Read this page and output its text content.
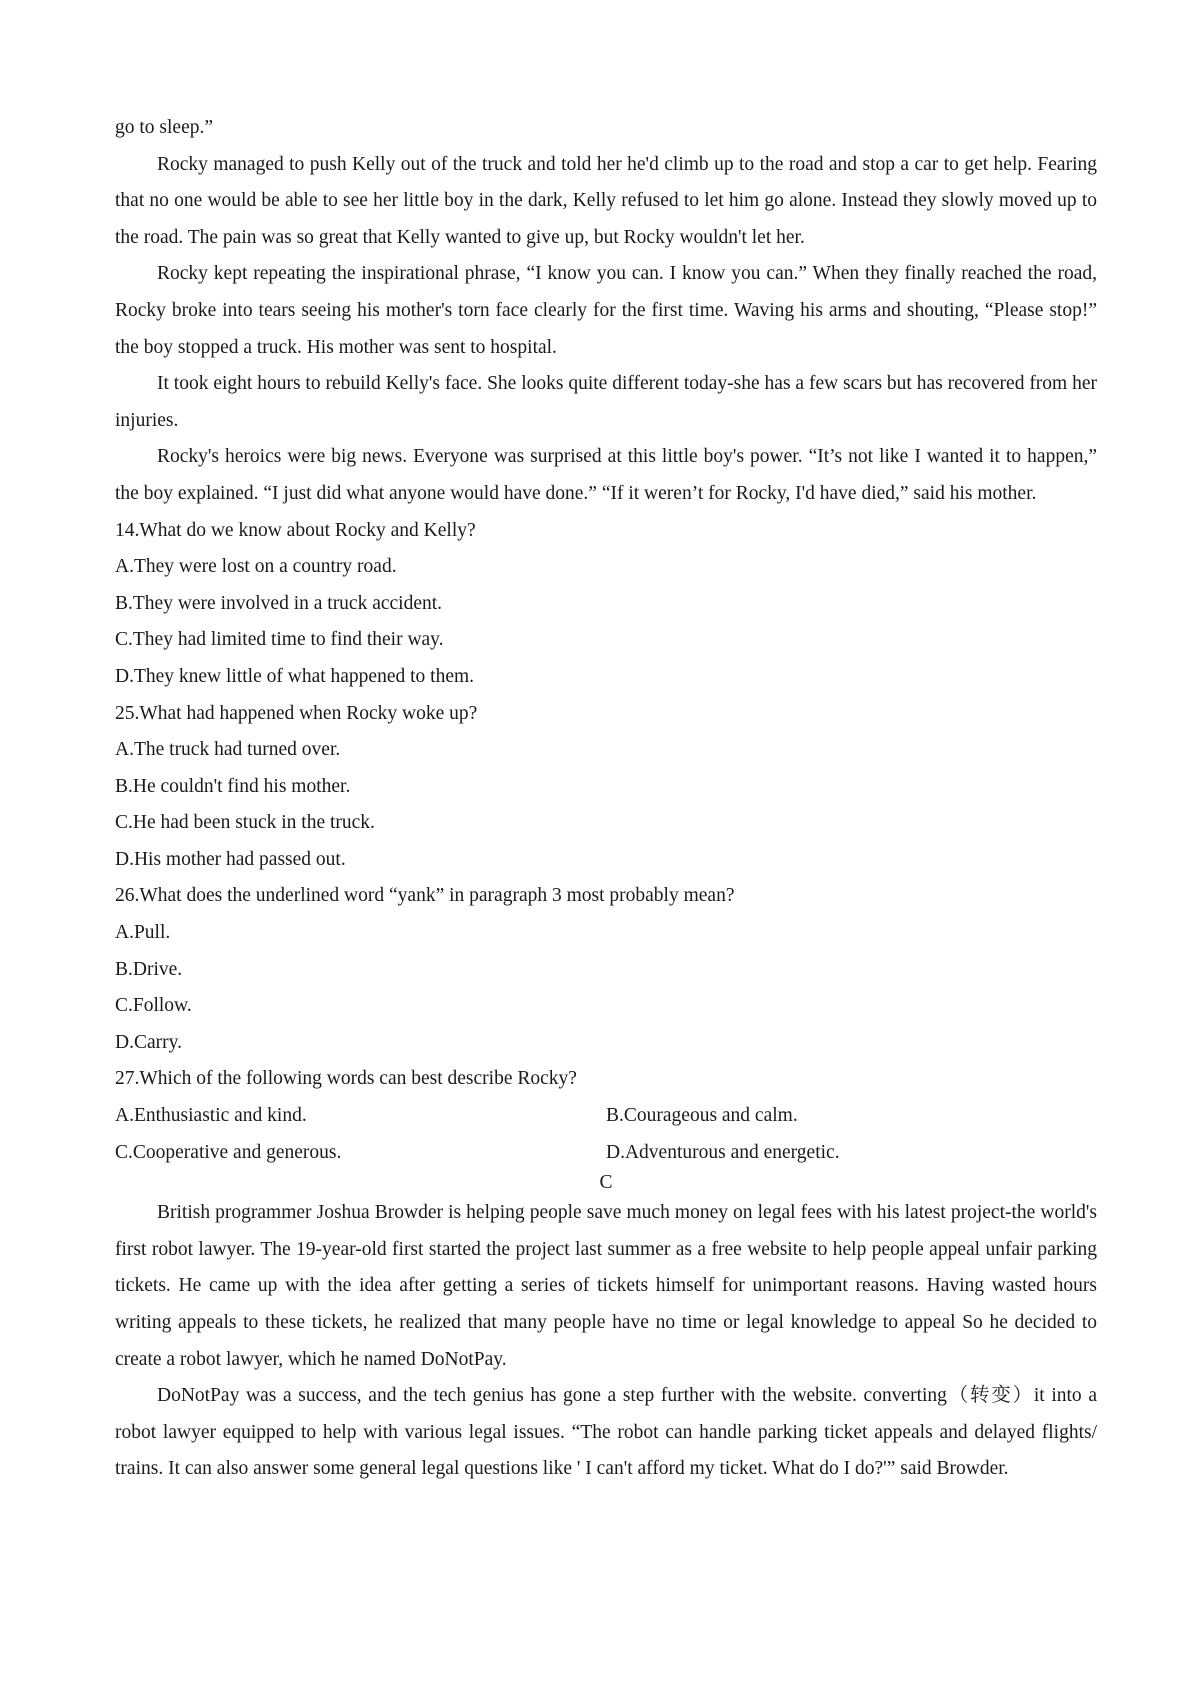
go to sleep.”

Rocky managed to push Kelly out of the truck and told her he'd climb up to the road and stop a car to get help. Fearing that no one would be able to see her little boy in the dark, Kelly refused to let him go alone. Instead they slowly moved up to the road. The pain was so great that Kelly wanted to give up, but Rocky wouldn't let her.

Rocky kept repeating the inspirational phrase, “I know you can. I know you can.” When they finally reached the road, Rocky broke into tears seeing his mother's torn face clearly for the first time. Waving his arms and shouting, “Please stop!” the boy stopped a truck. His mother was sent to hospital.

It took eight hours to rebuild Kelly's face. She looks quite different today-she has a few scars but has recovered from her injuries.

Rocky's heroics were big news. Everyone was surprised at this little boy's power. “It’s not like I wanted it to happen,” the boy explained. “I just did what anyone would have done.” “If it weren’t for Rocky, I'd have died,” said his mother.

14.What do we know about Rocky and Kelly?

A.They were lost on a country road.

B.They were involved in a truck accident.

C.They had limited time to find their way.

D.They knew little of what happened to them.

25.What had happened when Rocky woke up?

A.The truck had turned over.

B.He couldn't find his mother.

C.He had been stuck in the truck.

D.His mother had passed out.

26.What does the underlined word “yank” in paragraph 3 most probably mean?

A.Pull.

B.Drive.

C.Follow.

D.Carry.

27.Which of the following words can best describe Rocky?

A.Enthusiastic and kind.	B.Courageous and calm.
C.Cooperative and generous.	D.Adventurous and energetic.

C

British programmer Joshua Browder is helping people save much money on legal fees with his latest project-the world's first robot lawyer. The 19-year-old first started the project last summer as a free website to help people appeal unfair parking tickets. He came up with the idea after getting a series of tickets himself for unimportant reasons. Having wasted hours writing appeals to these tickets, he realized that many people have no time or legal knowledge to appeal So he decided to create a robot lawyer, which he named DoNotPay.

DoNotPay was a success, and the tech genius has gone a step further with the website. converting（转变）it into a robot lawyer equipped to help with various legal issues. “The robot can handle parking ticket appeals and delayed flights/ trains. It can also answer some general legal questions like ' I can't afford my ticket. What do I do?'” said Browder.
